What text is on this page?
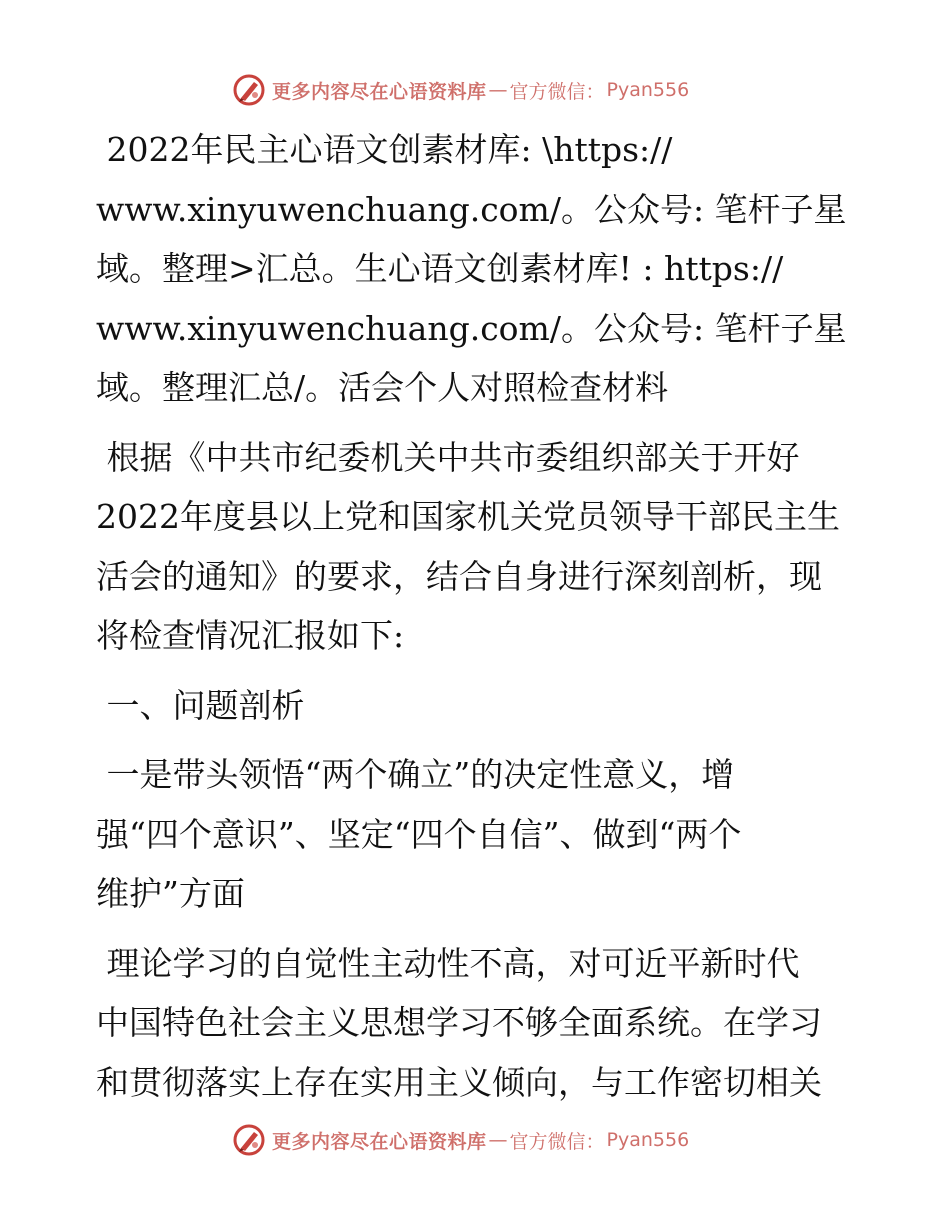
更多内容尽在心语资料库 — 官方微信： Pyan556

2022年民主心语文创素材库: \https://
www.xinyuwenchuang.com/。公众号: 笔杆子星
域。整理>汇总。生心语文创素材库! : https://
www.xinyuwenchuang.com/。公众号: 笔杆子星
域。整理汇总/。活会个人对照检查材料

根据《中共市纪委机关中共市委组织部关于开好
2022年度县以上党和国家机关党员领导干部民主生
活会的通知》的要求，结合自身进行深刻剖析，现
将检查情况汇报如下:

一、问题剖析

一是带头领悟“两个确立”的决定性意义，增
强“四个意识”、坚定“四个自信”、做到“两个
维护”方面

理论学习的自觉性主动性不高，对可近平新时代
中国特色社会主义思想学习不够全面系统。在学习
和贯彻落实上存在实用主义倾向，与工作密切相关

更多内容尽在心语资料库 — 官方微信： Pyan556
